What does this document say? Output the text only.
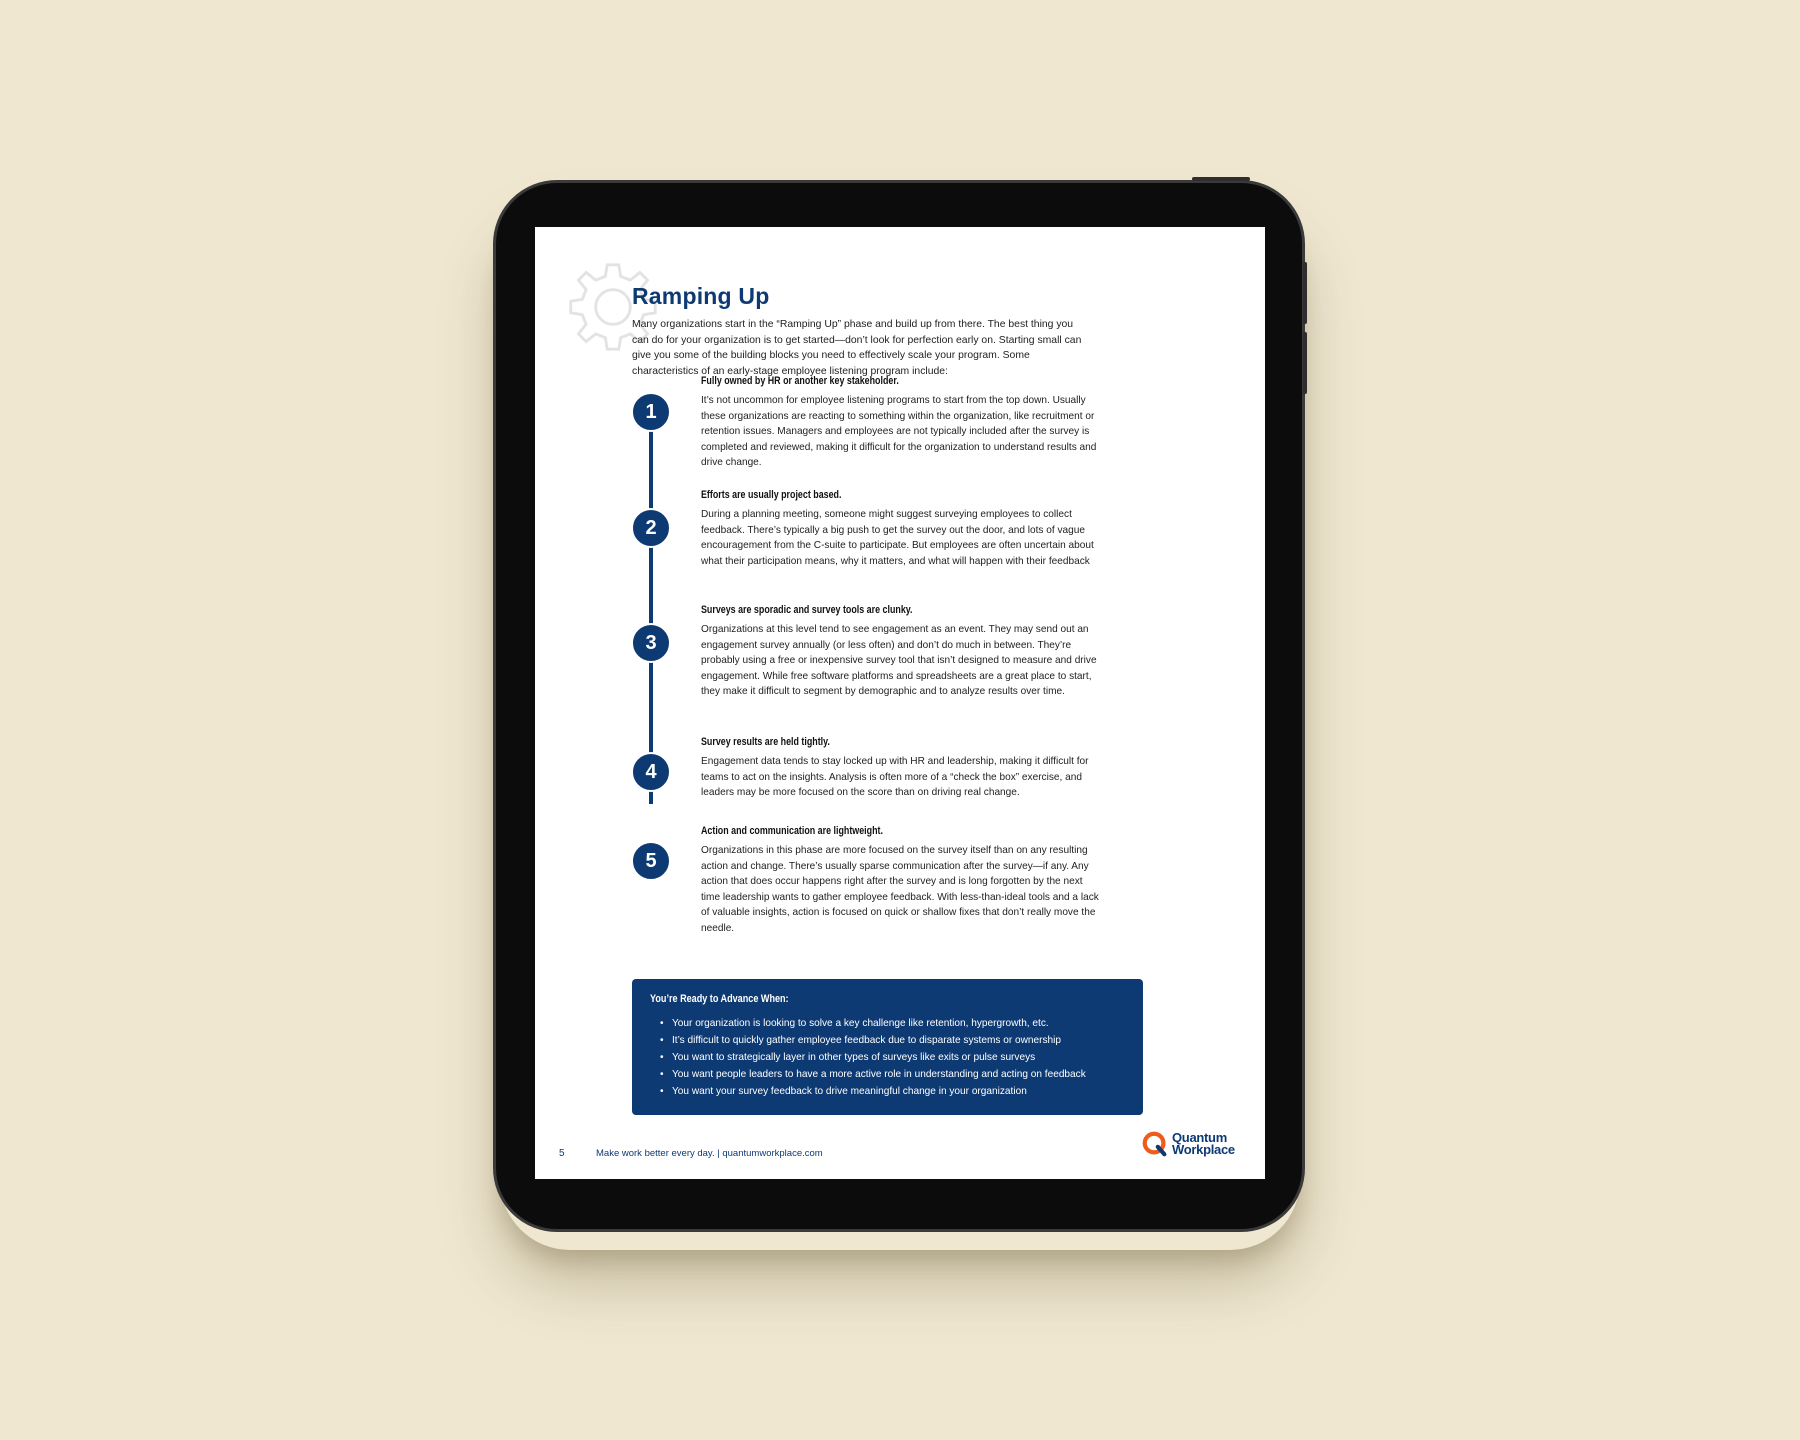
Ramping Up

Many organizations start in the “Ramping Up” phase and build up from there. The best thing you can do for your organization is to get started—don’t look for perfection early on. Starting small can give you some of the building blocks you need to effectively scale your program. Some characteristics of an early-stage employee listening program include:

1

Fully owned by HR or another key stakeholder.

It’s not uncommon for employee listening programs to start from the top down. Usually these organizations are reacting to something within the organization, like recruitment or retention issues. Managers and employees are not typically included after the survey is completed and reviewed, making it difficult for the organization to understand results and drive change.

2

Efforts are usually project based.

During a planning meeting, someone might suggest surveying employees to collect feedback. There’s typically a big push to get the survey out the door, and lots of vague encouragement from the C-suite to participate. But employees are often uncertain about what their participation means, why it matters, and what will happen with their feedback

3

Surveys are sporadic and survey tools are clunky.

Organizations at this level tend to see engagement as an event. They may send out an engagement survey annually (or less often) and don’t do much in between. They’re probably using a free or inexpensive survey tool that isn’t designed to measure and drive engagement. While free software platforms and spreadsheets are a great place to start, they make it difficult to segment by demographic and to analyze results over time.

4

Survey results are held tightly.

Engagement data tends to stay locked up with HR and leadership, making it difficult for teams to act on the insights. Analysis is often more of a “check the box” exercise, and leaders may be more focused on the score than on driving real change.

5

Action and communication are lightweight.

Organizations in this phase are more focused on the survey itself than on any resulting action and change. There’s usually sparse communication after the survey—if any. Any action that does occur happens right after the survey and is long forgotten by the next time leadership wants to gather employee feedback. With less-than-ideal tools and a lack of valuable insights, action is focused on quick or shallow fixes that don’t really move the needle.

You’re Ready to Advance When:

• Your organization is looking to solve a key challenge like retention, hypergrowth, etc.
• It’s difficult to quickly gather employee feedback due to disparate systems or ownership
• You want to strategically layer in other types of surveys like exits or pulse surveys
• You want people leaders to have a more active role in understanding and acting on feedback
• You want your survey feedback to drive meaningful change in your organization
5	Make work better every day. | quantumworkplace.com
Quantum
Workplace
